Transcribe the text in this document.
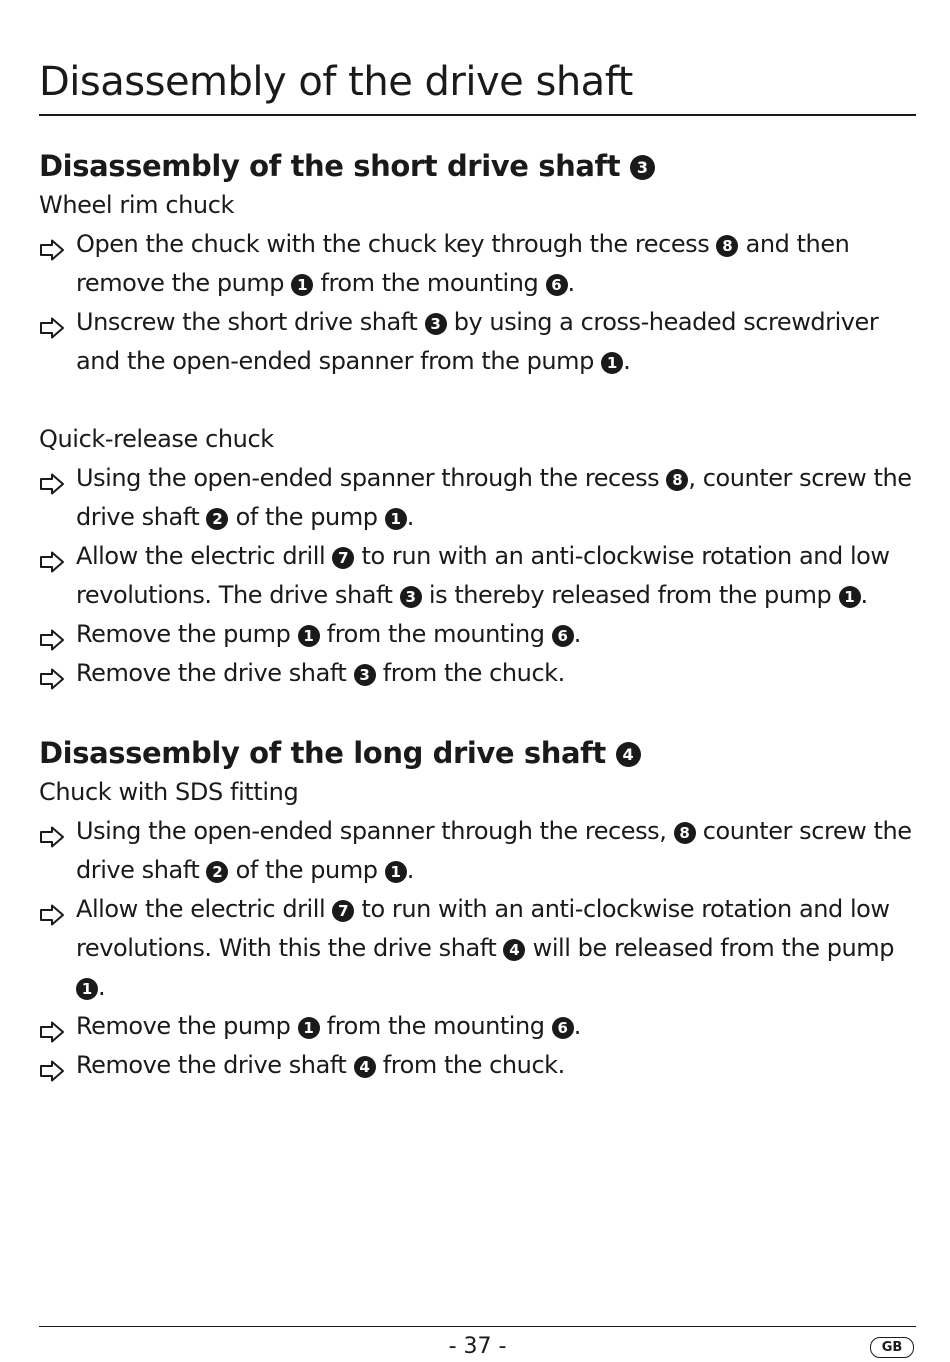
Disassembly of the drive shaft
Disassembly of the short drive shaft 3
Wheel rim chuck
Open the chuck with the chuck key through the recess 8 and then remove the pump 1 from the mounting 6 .
Unscrew the short drive shaft 3 by using a cross-headed screwdriver and the open-ended spanner from the pump 1 .
Quick-release chuck
Using the open-ended spanner through the recess 8 , counter screw the drive shaft 2 of the pump 1 .
Allow the electric drill 7 to run with an anti-clockwise rotation and low revolutions. The drive shaft 3 is thereby released from the pump 1 .
Remove the pump 1 from the mounting 6 .
Remove the drive shaft 3 from the chuck.
Disassembly of the long drive shaft 4
Chuck with SDS fitting
Using the open-ended spanner through the recess, 8 counter screw the drive shaft 2 of the pump 1 .
Allow the electric drill 7 to run with an anti-clockwise rotation and low revolutions. With this the drive shaft 4 will be released from the pump 1 .
Remove the pump 1 from the mounting 6 .
Remove the drive shaft 4 from the chuck.
- 37 -	GB
